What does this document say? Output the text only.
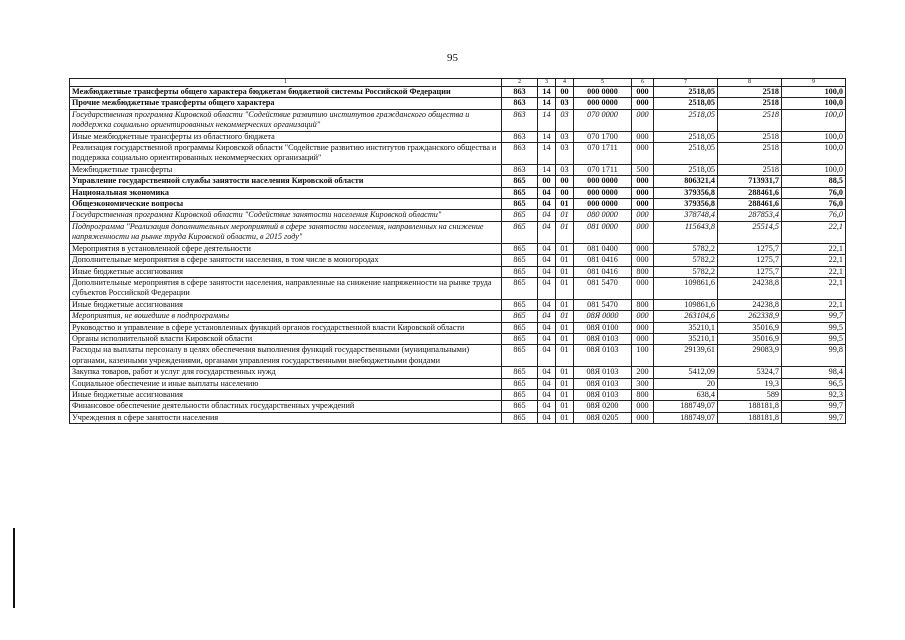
95
1	2	3	4	5	6	7	8	9
Межбюджетные трансферты общего характера бюджетам бюджетной системы Российской Федерации	863	14	00	000 0000	000	2518,05	2518	100,0
Прочие межбюджетные трансферты общего характера	863	14	03	000 0000	000	2518,05	2518	100,0
Государственная программа Кировской области "Содействие развитию институтов гражданского общества и поддержка социально ориентированных некоммерческих организаций"	863	14	03	070 0000	000	2518,05	2518	100,0
Иные межбюджетные трансферты из областного бюджета	863	14	03	070 1700	000	2518,05	2518	100,0
Реализация государственной программы Кировской области "Содействие развитию институтов гражданского общества и поддержка социально ориентированных некоммерческих организаций"	863	14	03	070 1711	000	2518,05	2518	100,0
Межбюджетные трансферты	863	14	03	070 1711	500	2518,05	2518	100,0
Управление государственной службы занятости населения Кировской области	865	00	00	000 0000	000	806321,4	713931,7	88,5
Национальная экономика	865	04	00	000 0000	000	379356,8	288461,6	76,0
Общеэкономические вопросы	865	04	01	000 0000	000	379356,8	288461,6	76,0
Государственная программа Кировской области "Содействие занятости населения Кировской области"	865	04	01	080 0000	000	378748,4	287853,4	76,0
Подпрограмма "Реализация дополнительных мероприятий в сфере занятости населения, направленных на снижение напряженности на рынке труда Кировской области, в 2015 году"	865	04	01	081 0000	000	115643,8	25514,5	22,1
Мероприятия в установленной сфере деятельности	865	04	01	081 0400	000	5782,2	1275,7	22,1
Дополнительные мероприятия в сфере занятости населения, в том числе в моногородах	865	04	01	081 0416	000	5782,2	1275,7	22,1
Иные бюджетные ассигнования	865	04	01	081 0416	800	5782,2	1275,7	22,1
Дополнительные мероприятия в сфере занятости населения, направленные на снижение напряженности на рынке труда субъектов Российской Федерации	865	04	01	081 5470	000	109861,6	24238,8	22,1
Иные бюджетные ассигнования	865	04	01	081 5470	800	109861,6	24238,8	22,1
Мероприятия, не вошедшие в подпрограммы	865	04	01	08Я 0000	000	263104,6	262338,9	99,7
Руководство и управление в сфере установленных функций органов государственной власти Кировской области	865	04	01	08Я 0100	000	35210,1	35016,9	99,5
Органы исполнительной власти Кировской области	865	04	01	08Я 0103	000	35210,1	35016,9	99,5
Расходы на выплаты персоналу в целях обеспечения выполнения функций государственными (муниципальными) органами, казенными учреждениями, органами управления государственными внебюджетными фондами	865	04	01	08Я 0103	100	29139,61	29083,9	99,8
Закупка товаров, работ и услуг для государственных нужд	865	04	01	08Я 0103	200	5412,09	5324,7	98,4
Социальное обеспечение и иные выплаты населению	865	04	01	08Я 0103	300	20	19,3	96,5
Иные бюджетные ассигнования	865	04	01	08Я 0103	800	638,4	589	92,3
Финансовое обеспечение деятельности областных государственных учреждений	865	04	01	08Я 0200	000	188749,07	188181,8	99,7
Учреждения в сфере занятости населения	865	04	01	08Я 0205	000	188749,07	188181,8	99,7
